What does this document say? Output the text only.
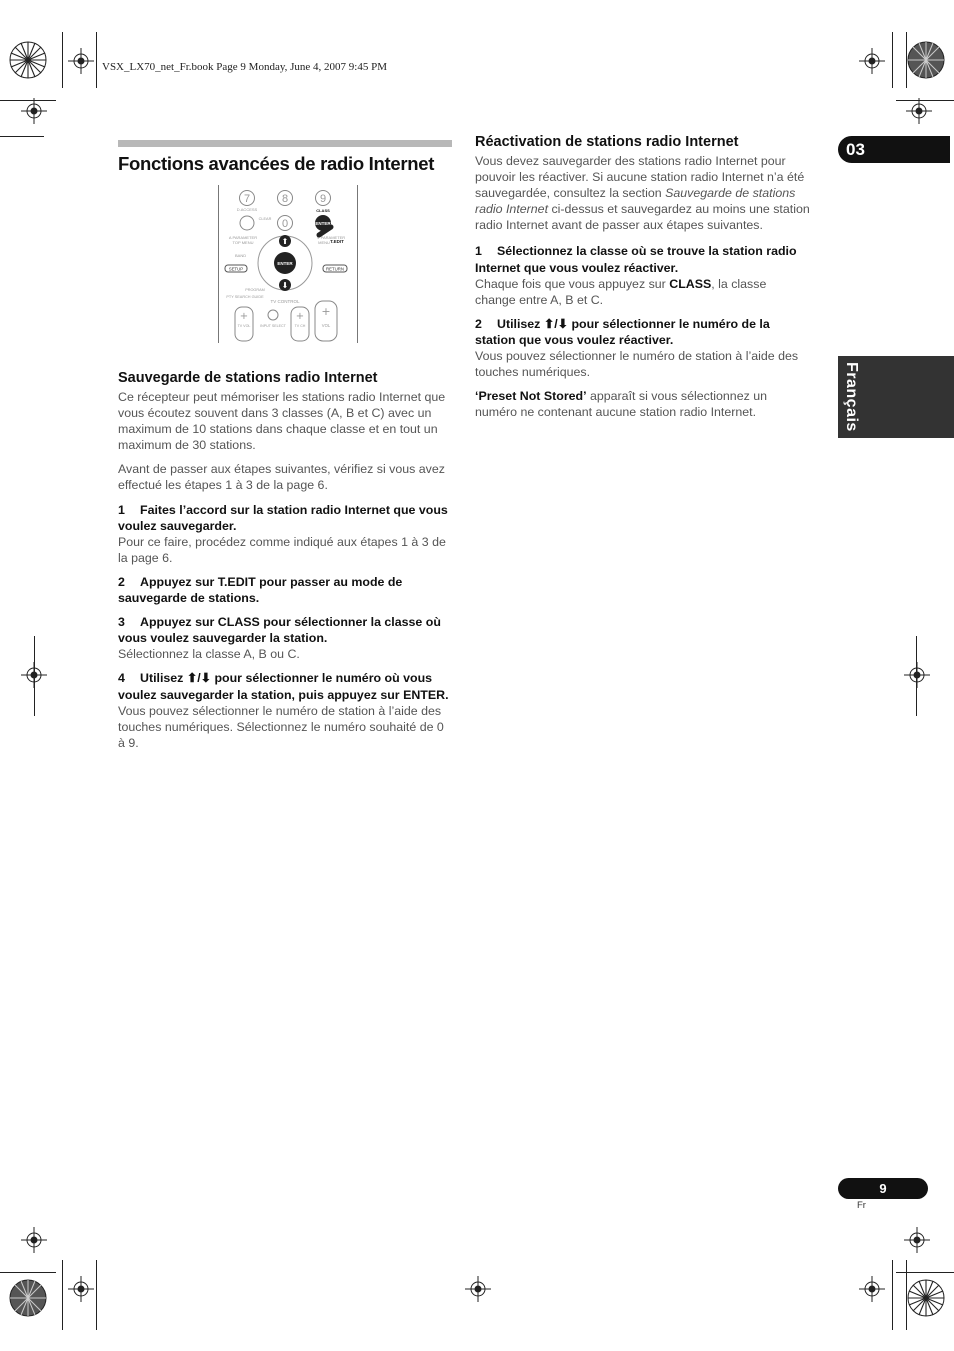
VSX_LX70_net_Fr.book Page 9 Monday, June 4, 2007 9:45 PM
Fonctions avancées de radio Internet
7	8	9
0	ENTER
D.ACCESS	CLASS
CLEAR
T.EDIT
A PARAMETER
TOP MENU
V PARAMETER
MENU
ENTER
⬆
⬇
BAND
SETUP	RETURN
PROGRAM
PTY SEARCH GUIDE
TV CONTROL
+
TV VOL	INPUT SELECT
+
TV CH
+
VOL
Sauvegarde de stations radio Internet

Ce récepteur peut mémoriser les stations radio Internet que vous écoutez souvent dans 3 classes (A, B et C) avec un maximum de 10 stations dans chaque classe et en tout un maximum de 30 stations.

Avant de passer aux étapes suivantes, vérifiez si vous avez effectué les étapes 1 à 3 de la page 6.

1 Faites l’accord sur la station radio Internet que vous voulez sauvegarder.

Pour ce faire, procédez comme indiqué aux étapes 1 à 3 de la page 6.

2 Appuyez sur T.EDIT pour passer au mode de sauvegarde de stations.

3 Appuyez sur CLASS pour sélectionner la classe où vous voulez sauvegarder la station.

Sélectionnez la classe A, B ou C.

4 Utilisez ⬆/⬇ pour sélectionner le numéro où vous voulez sauvegarder la station, puis appuyez sur ENTER.

Vous pouvez sélectionner le numéro de station à l’aide des touches numériques. Sélectionnez le numéro souhaité de 0 à 9.

Réactivation de stations radio Internet

Vous devez sauvegarder des stations radio Internet pour pouvoir les réactiver. Si aucune station radio Internet n’a été sauvegardée, consultez la section Sauvegarde de stations radio Internet ci-dessus et sauvegardez au moins une station radio Internet avant de passer aux étapes suivantes.

1 Sélectionnez la classe où se trouve la station radio Internet que vous voulez réactiver.

Chaque fois que vous appuyez sur CLASS, la classe change entre A, B et C.

2 Utilisez ⬆/⬇ pour sélectionner le numéro de la station que vous voulez réactiver.

Vous pouvez sélectionner le numéro de station à l’aide des touches numériques.

‘Preset Not Stored’ apparaît si vous sélectionnez un numéro ne contenant aucune station radio Internet.

03
Français
9
Fr
